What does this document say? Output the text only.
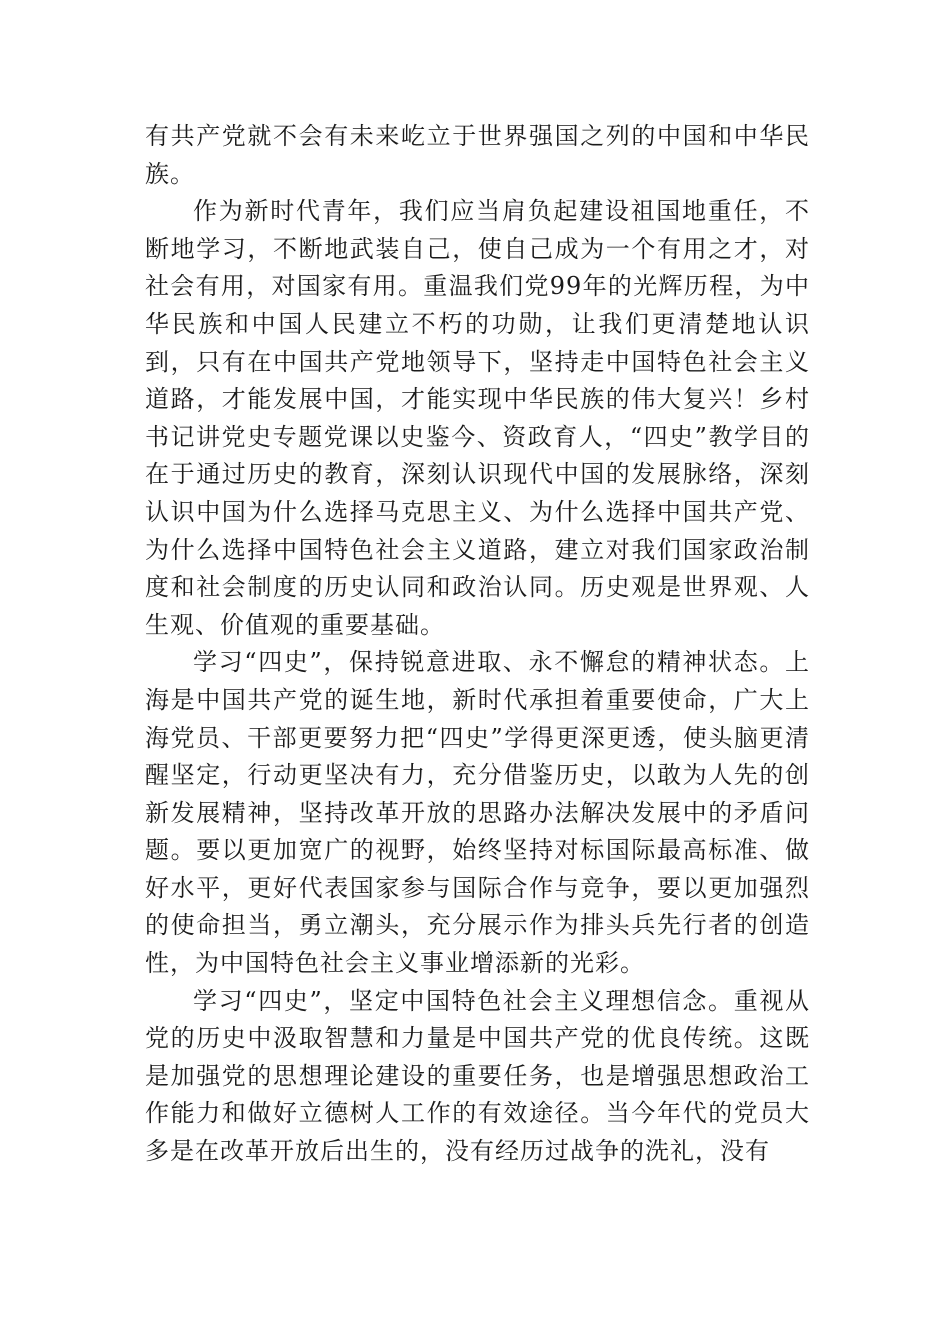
有共产党就不会有未来屹立于世界强国之列的中国和中华民族。

作为新时代青年，我们应当肩负起建设祖国地重任，不断地学习，不断地武装自己，使自己成为一个有用之才，对社会有用，对国家有用。重温我们党99年的光辉历程，为中华民族和中国人民建立不朽的功勋，让我们更清楚地认识到，只有在中国共产党地领导下，坚持走中国特色社会主义道路，才能发展中国，才能实现中华民族的伟大复兴！乡村书记讲党史专题党课以史鉴今、资政育人，“四史”教学目的在于通过历史的教育，深刻认识现代中国的发展脉络，深刻认识中国为什么选择马克思主义、为什么选择中国共产党、为什么选择中国特色社会主义道路，建立对我们国家政治制度和社会制度的历史认同和政治认同。历史观是世界观、人生观、价值观的重要基础。

学习“四史”，保持锐意进取、永不懈怠的精神状态。上海是中国共产党的诞生地，新时代承担着重要使命，广大上海党员、干部更要努力把“四史”学得更深更透，使头脑更清醒坚定，行动更坚决有力，充分借鉴历史，以敢为人先的创新发展精神，坚持改革开放的思路办法解决发展中的矛盾问题。要以更加宽广的视野，始终坚持对标国际最高标准、做好水平，更好代表国家参与国际合作与竞争，要以更加强烈的使命担当，勇立潮头，充分展示作为排头兵先行者的创造性，为中国特色社会主义事业增添新的光彩。

学习“四史”，坚定中国特色社会主义理想信念。重视从党的历史中汲取智慧和力量是中国共产党的优良传统。这既是加强党的思想理论建设的重要任务，也是增强思想政治工作能力和做好立德树人工作的有效途径。当今年代的党员大多是在改革开放后出生的，没有经历过战争的洗礼，没有
